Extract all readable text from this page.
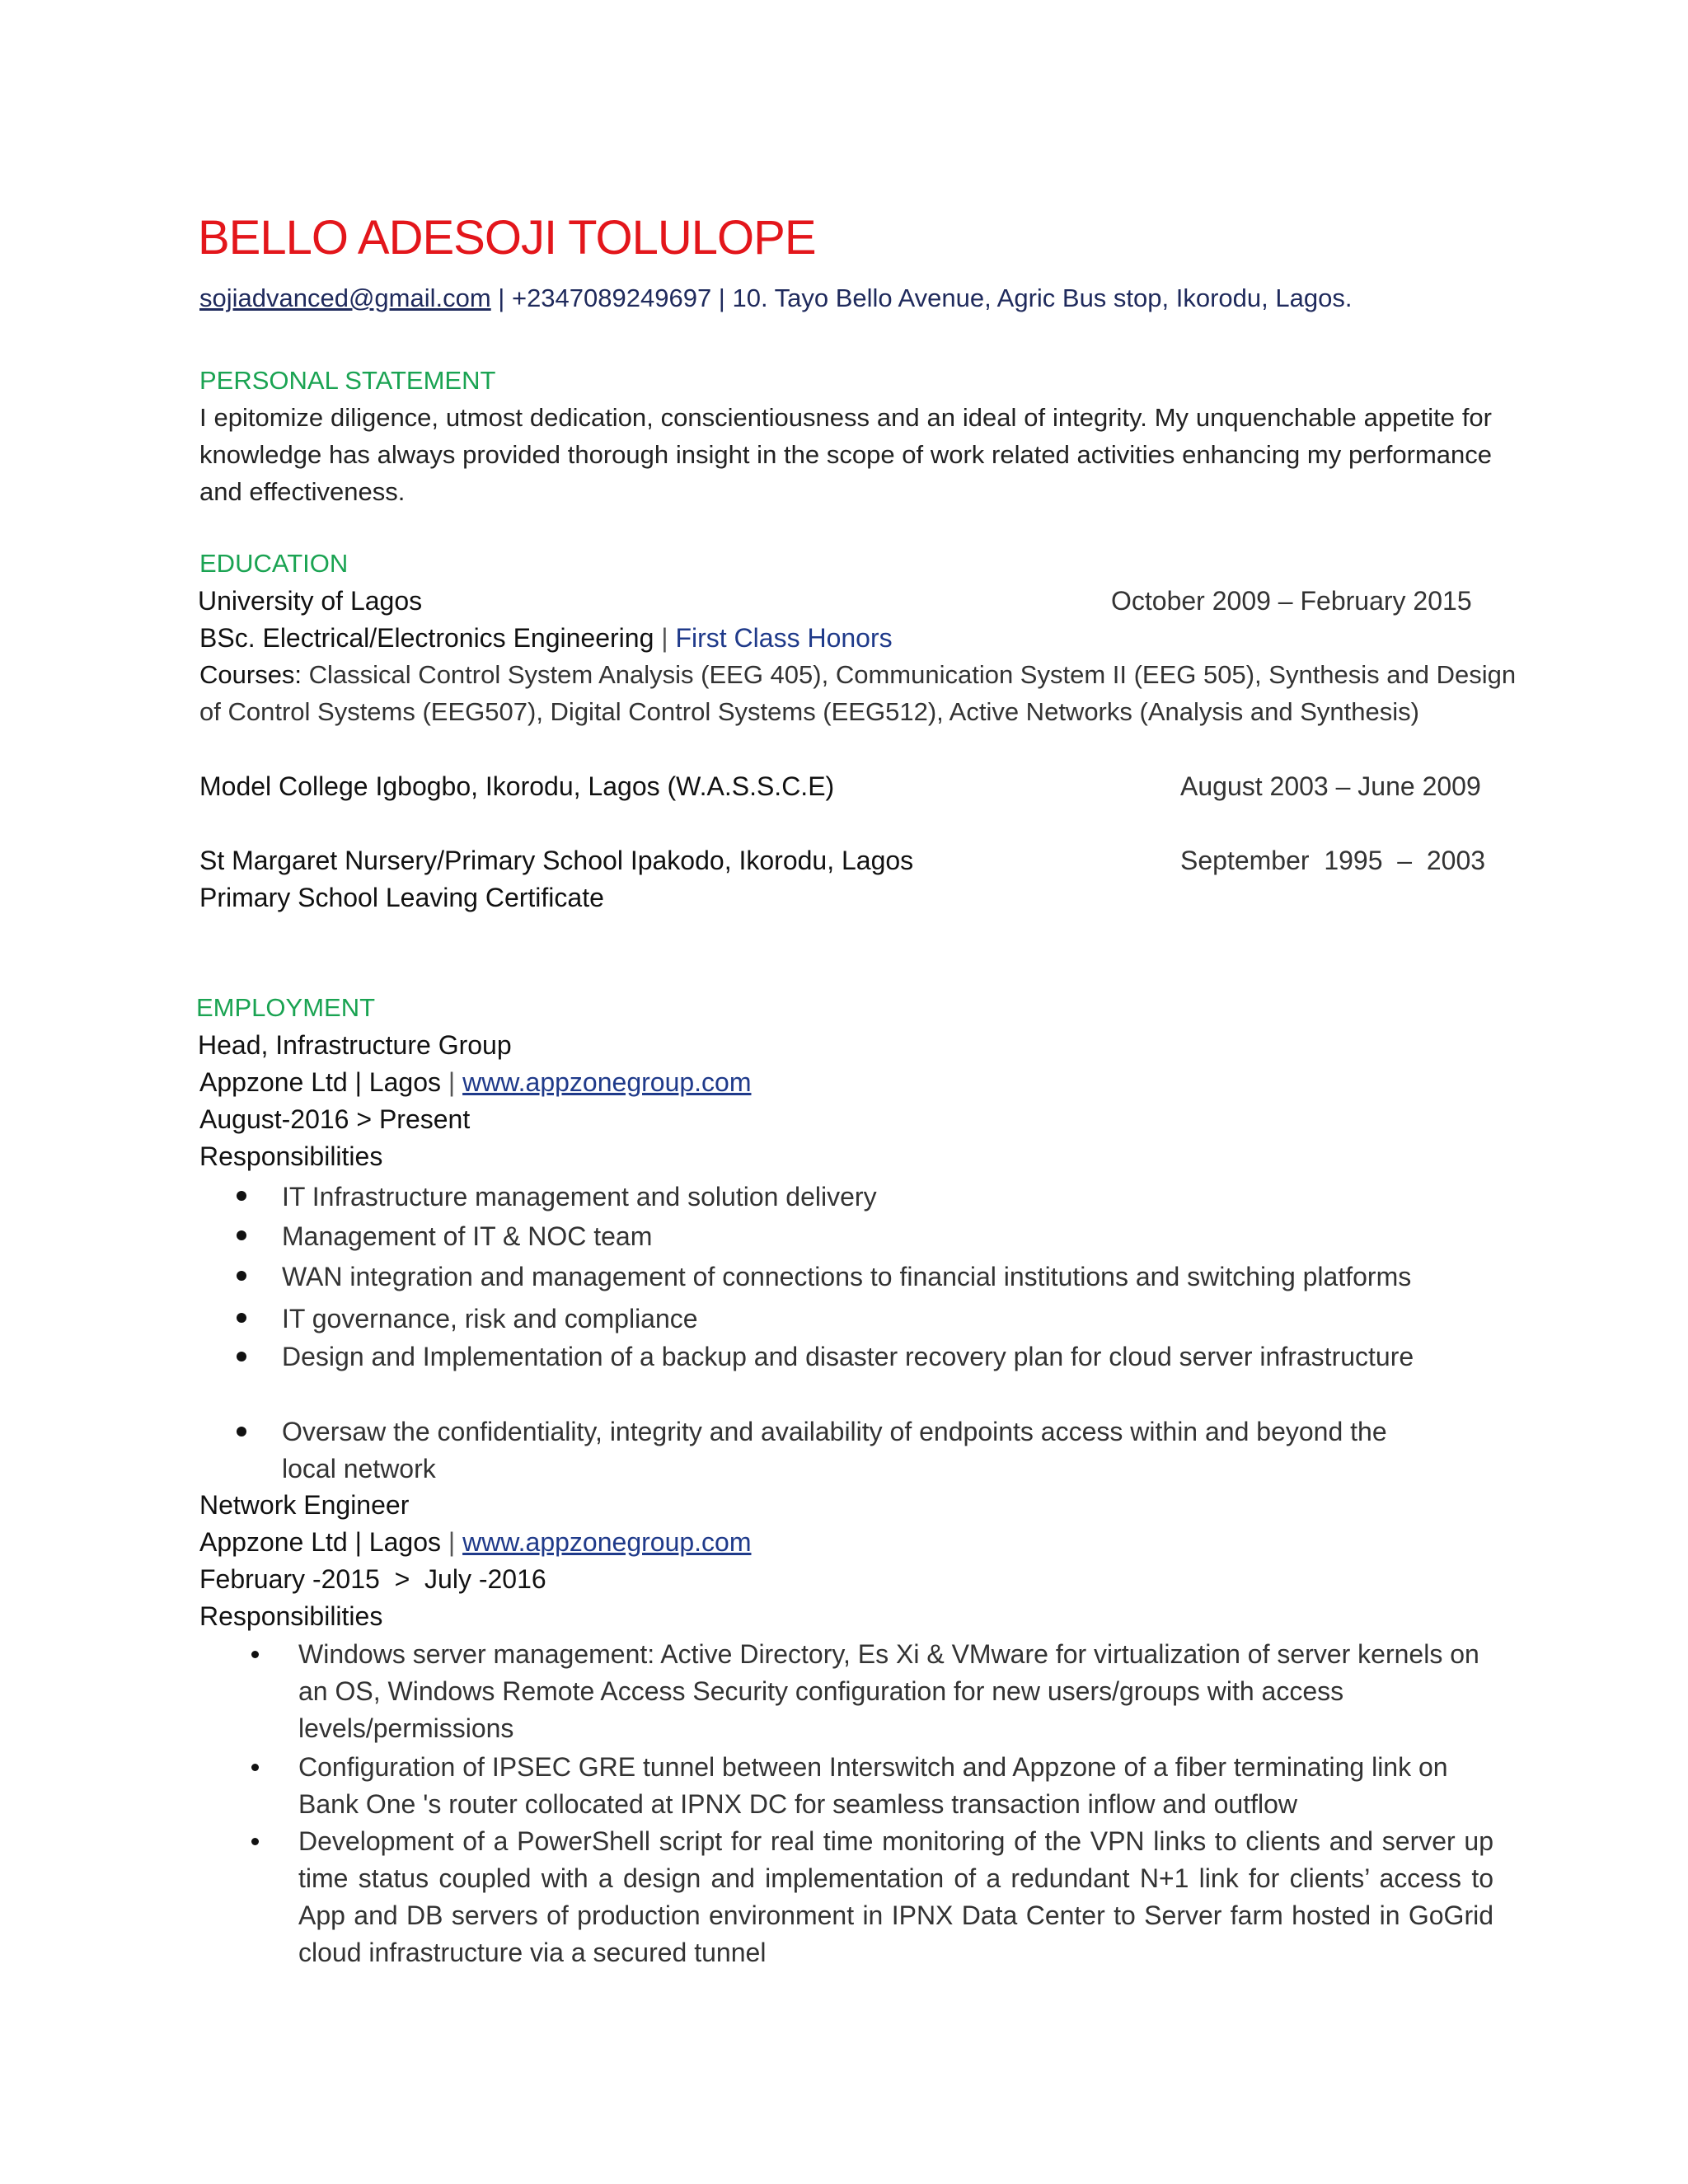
BELLO ADESOJI TOLULOPE
sojiadvanced@gmail.com | +2347089249697 | 10. Tayo Bello Avenue, Agric Bus stop, Ikorodu, Lagos.
PERSONAL STATEMENT
I epitomize diligence, utmost dedication, conscientiousness and an ideal of integrity. My unquenchable appetite for knowledge has always provided thorough insight in the scope of work related activities enhancing my performance and effectiveness.
EDUCATION
University of Lagos	October 2009 – February 2015
BSc. Electrical/Electronics Engineering | First Class Honors
Courses: Classical Control System Analysis (EEG 405), Communication System II (EEG 505), Synthesis and Design
of Control Systems (EEG507), Digital Control Systems (EEG512), Active Networks (Analysis and Synthesis)
Model College Igbogbo, Ikorodu, Lagos (W.A.S.S.C.E)	August 2003 – June 2009
St Margaret Nursery/Primary School Ipakodo, Ikorodu, Lagos	September  1995  –  2003
Primary School Leaving Certificate
EMPLOYMENT
Head, Infrastructure Group
Appzone Ltd | Lagos | www.appzonegroup.com
August-2016 > Present
Responsibilities
IT Infrastructure management and solution delivery
Management of IT & NOC team
WAN integration and management of connections to financial institutions and switching platforms
IT governance, risk and compliance
Design and Implementation of a backup and disaster recovery plan for cloud server infrastructure
Oversaw the confidentiality, integrity and availability of endpoints access within and beyond the local network
Network Engineer
Appzone Ltd | Lagos | www.appzonegroup.com
February -2015  >  July -2016
Responsibilities
Windows server management: Active Directory, Es Xi & VMware for virtualization of server kernels on an OS, Windows Remote Access Security configuration for new users/groups with access levels/permissions
Configuration of IPSEC GRE tunnel between Interswitch and Appzone of a fiber terminating link on Bank One 's router collocated at IPNX DC for seamless transaction inflow and outflow
Development of a PowerShell script for real time monitoring of the VPN links to clients and server up time status coupled with a design and implementation of a redundant N+1 link for clients’ access to App and DB servers of production environment in IPNX Data Center to Server farm hosted in GoGrid cloud infrastructure via a secured tunnel
